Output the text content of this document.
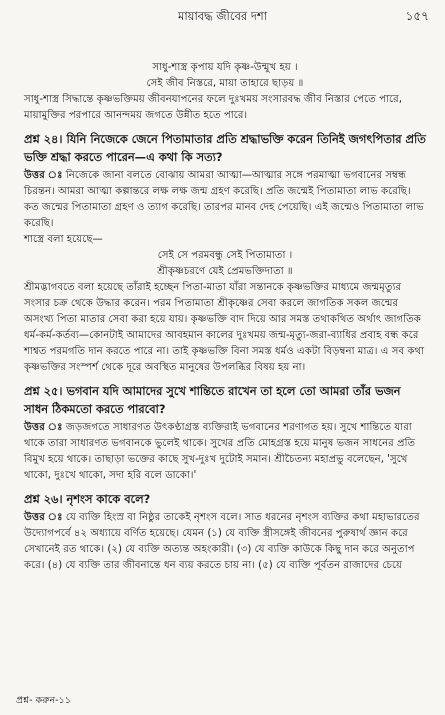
মায়াবদ্ধ জীবের দশা	১৫৭

সাধু-শাস্ত্র কৃপায় যদি কৃষ্ণ-উন্মুখ হয় ।

সেই জীব নিস্তরে, মায়া তাহারে ছাড়য় ॥

সাধু-শাস্ত্র সিদ্ধান্তে কৃষ্ণভক্তিময় জীবনযাপনের ফলে দুঃখময় সংসারবদ্ধ জীব নিস্তার পেতে পারে, মায়ামুক্তির পরপারে আনন্দময় জগতে উন্নীত হতে পারে।

প্রশ্ন ২৪। যিনি নিজেকে জেনে পিতামাতার প্রতি শ্রদ্ধাভক্তি করেন তিনিই জগৎপিতার প্রতি ভক্তি শ্রদ্ধা করতে পারেন—এ কথা কি সত্য?

উত্তর ঃ নিজেকে জানা বলতে বোঝায় আমরা আত্মা—আত্মার সঙ্গে পরমাত্মা ভগবানের সম্বন্ধ চিরন্তন। আমরা আত্মা কল্পান্তরে লক্ষ লক্ষ জন্ম গ্রহণ করেছি। প্রতি জন্মেই পিতামাতা লাভ করেছি। কত জন্মের পিতামাতা গ্রহণ ও ত্যাগ করেছি। তারপর মানব দেহ পেয়েছি। এই জন্মেও পিতামাতা লাভ করেছি।

শাস্ত্রে বলা হয়েছে—

সেই সে পরমবন্ধু সেই পিতামাতা ।

শ্রীকৃষ্ণচরণে যেই প্রেমভক্তিদাতা ॥

শ্রীমদ্ভাগবতে বলা হয়েছে তাঁরাই হচ্ছেন পিতা-মাতা যাঁরা সন্তানকে কৃষ্ণভক্তির মাধ্যমে জন্মমৃত্যুর সংসার চক্র থেকে উদ্ধার করেন। পরম পিতামাতা শ্রীকৃষ্ণের সেবা করলে জাগতিক সকল জন্মের অসংখ্য পিতা মাতার সেবা করা হয়ে যায়। কৃষ্ণভক্তি বাদ দিয়ে আর সমস্ত তথাকথিত অর্থাৎ জাগতিক ধর্ম-কর্ম-কর্তব্য—কোনটাই আমাদের আবহমান কালের দুঃখময় জন্ম-মৃত্যু-জরা-ব্যাধির প্রবাহ বন্ধ করে শাশ্বত পরমগতি দান করতে পারে না। তাই কৃষ্ণভক্তি বিনা সমস্ত ধর্মও একটা বিড়ম্বনা মাত্র। এ সব কথা কৃষ্ণভক্তির সংস্পর্শ থেকে দূরে অবস্থিত মানুষের উপলব্ধির বিষয় হয় না।

প্রশ্ন ২৫। ভগবান যদি আমাদের সুখে শান্তিতে রাখেন তা হলে তো আমরা তাঁর ভজন সাধন ঠিকমতো করতে পারবো?

উত্তর ঃ জড়জগতে সাধারণত উৎকণ্ঠাগ্রস্ত ব্যক্তিরাই ভগবানের শরণাগত হয়। সুখে শান্তিতে যারা থাকে তারা সাধারণত ভগবানকে ভুলেই থাকে। সুখের প্রতি মোহগ্রস্ত হয়ে মানুষ ভজন সাধনের প্রতি বিমুখ হয়ে থাকে। তাছাড়া ভক্তের কাছে সুখ-দুঃখ দুটোই সমান। শ্রীচৈতন্য মহাপ্রভু বলেছেন, 'সুখে থাকো, দুঃখে থাকো, সদা হরি বলে ডাকো।'

প্রশ্ন ২৬। নৃশংস কাকে বলে?

উত্তর ঃ যে ব্যক্তি হিংস্র বা নিষ্ঠুর তাকেই নৃশংস বলে। সাত ধরনের নৃশংস ব্যক্তির কথা মহাভারতের উদ্যোগপর্বে ৪২ অধ্যায়ে বর্ণিত হয়েছে। যেমন (১) যে ব্যক্তি স্ত্রীসঙ্গেই জীবনের পুরুষার্থ জ্ঞান করে সেখানেই রত থাকে। (২) যে ব্যক্তি অত্যন্ত অহংকারী। (৩) যে ব্যক্তি কাউকে কিছু দান করে অনুতাপ করে। (৪) যে ব্যক্তি তার জীবনান্তে ধন ব্যয় করতে চায় না। (৫) যে ব্যক্তি পূর্বতন রাজাদের চেয়ে

প্রশ্ন- করুন-১১
